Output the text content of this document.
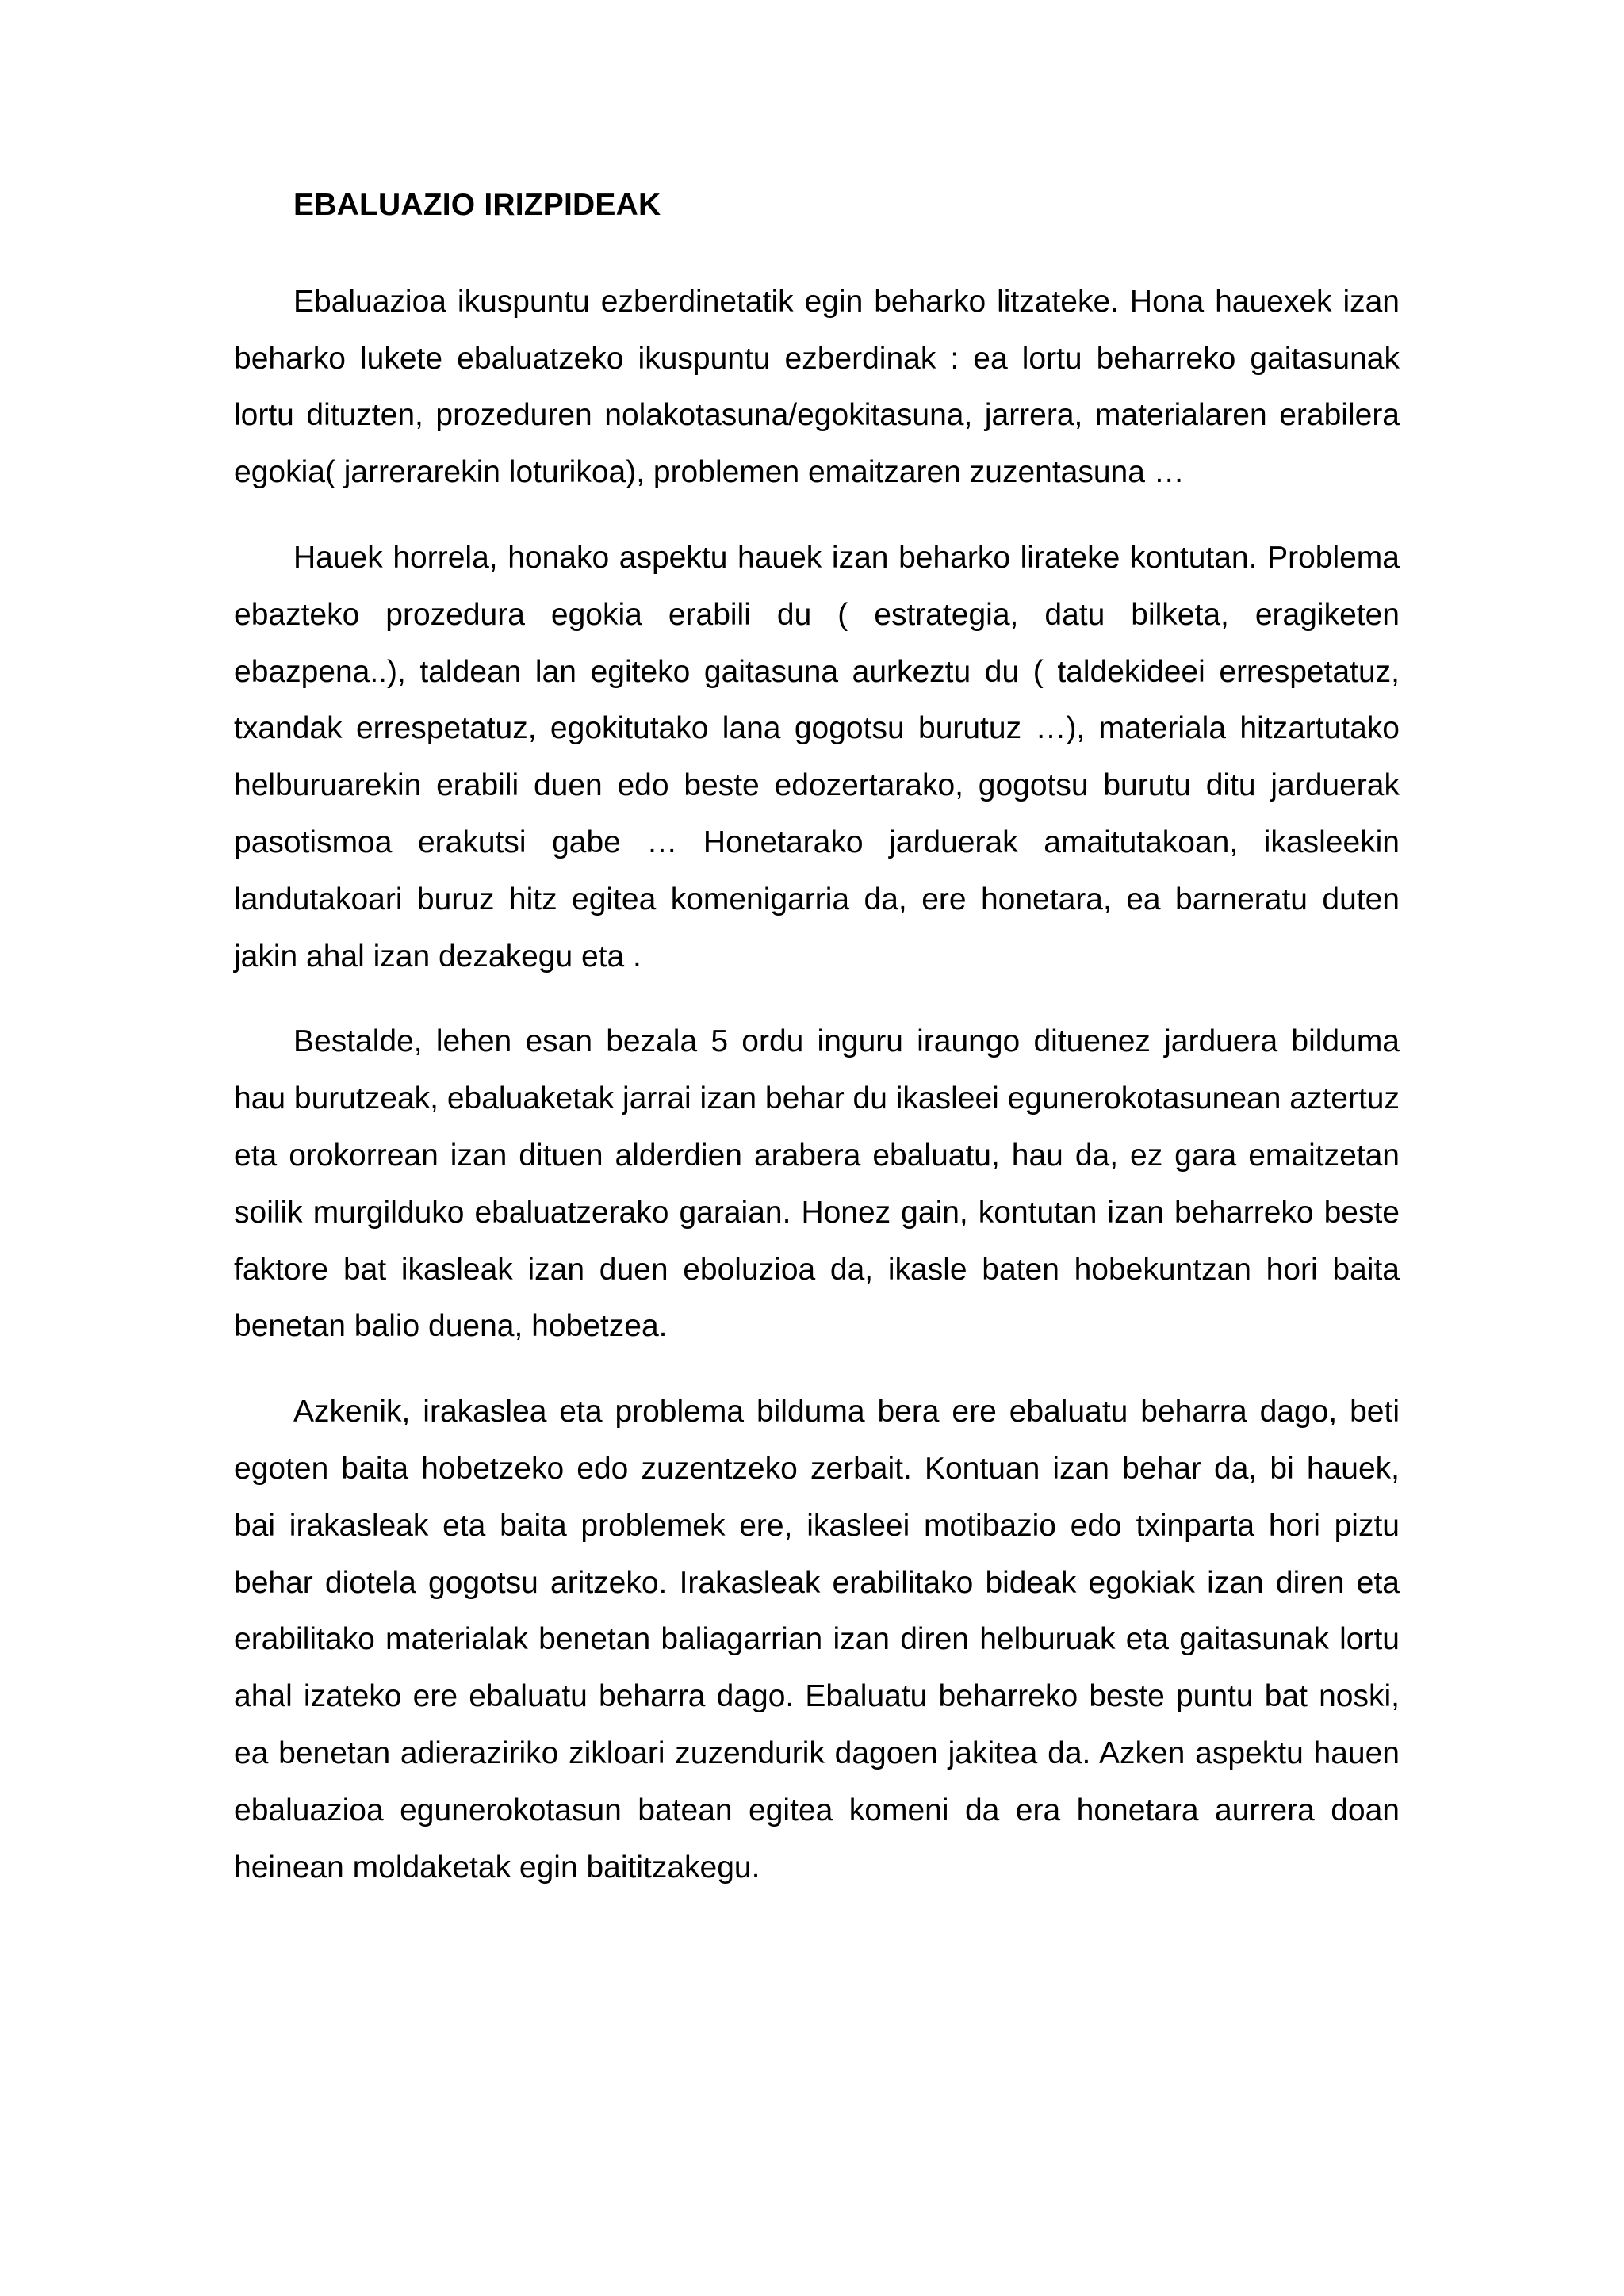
EBALUAZIO IRIZPIDEAK

Ebaluazioa ikuspuntu ezberdinetatik egin beharko litzateke. Hona hauexek izan beharko lukete ebaluatzeko ikuspuntu ezberdinak : ea lortu beharreko gaitasunak lortu dituzten, prozeduren nolakotasuna/egokitasuna, jarrera, materialaren erabilera egokia( jarrerarekin loturikoa), problemen emaitzaren zuzentasuna …

Hauek horrela, honako aspektu hauek izan beharko lirateke kontutan. Problema ebazteko prozedura egokia erabili du ( estrategia, datu bilketa, eragiketen ebazpena..), taldean lan egiteko gaitasuna aurkeztu du ( taldekideei errespetatuz, txandak errespetatuz, egokitutako lana gogotsu burutuz …), materiala hitzartutako helburuarekin erabili duen edo beste edozertarako, gogotsu burutu ditu jarduerak pasotismoa erakutsi gabe … Honetarako jarduerak amaitutakoan, ikasleekin landutakoari buruz hitz egitea komenigarria da, ere honetara, ea barneratu duten jakin ahal izan dezakegu eta .

Bestalde, lehen esan bezala 5 ordu inguru iraungo dituenez jarduera bilduma hau burutzeak, ebaluaketak jarrai izan behar du ikasleei egunerokotasunean aztertuz eta orokorrean izan dituen alderdien arabera ebaluatu, hau da, ez gara emaitzetan soilik murgilduko ebaluatzerako garaian. Honez gain, kontutan izan beharreko beste faktore bat ikasleak izan duen eboluzioa da, ikasle baten hobekuntzan hori baita benetan balio duena, hobetzea.

Azkenik, irakaslea eta problema bilduma bera ere ebaluatu beharra dago, beti egoten baita hobetzeko edo zuzentzeko zerbait. Kontuan izan behar da, bi hauek, bai irakasleak eta baita problemek ere, ikasleei motibazio edo txinparta hori piztu behar diotela gogotsu aritzeko. Irakasleak erabilitako bideak egokiak izan diren eta erabilitako materialak benetan baliagarrian izan diren helburuak eta gaitasunak lortu ahal izateko ere ebaluatu beharra dago. Ebaluatu beharreko beste puntu bat noski, ea benetan adieraziriko zikloari zuzendurik dagoen jakitea da. Azken aspektu hauen ebaluazioa egunerokotasun batean egitea komeni da era honetara aurrera doan heinean moldaketak egin baititzakegu.
